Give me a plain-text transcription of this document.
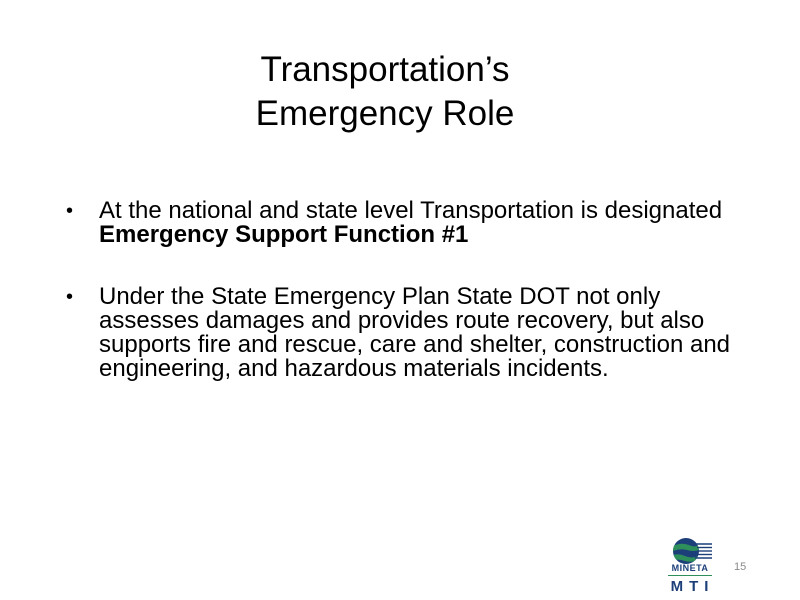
Transportation’s
Emergency Role
• At the national and state level Transportation is designated Emergency Support Function #1
• Under the State Emergency Plan State DOT not only assesses damages and provides route recovery, but also supports fire and rescue, care and shelter, construction and engineering, and hazardous materials incidents.
MINETA
MTI
15
